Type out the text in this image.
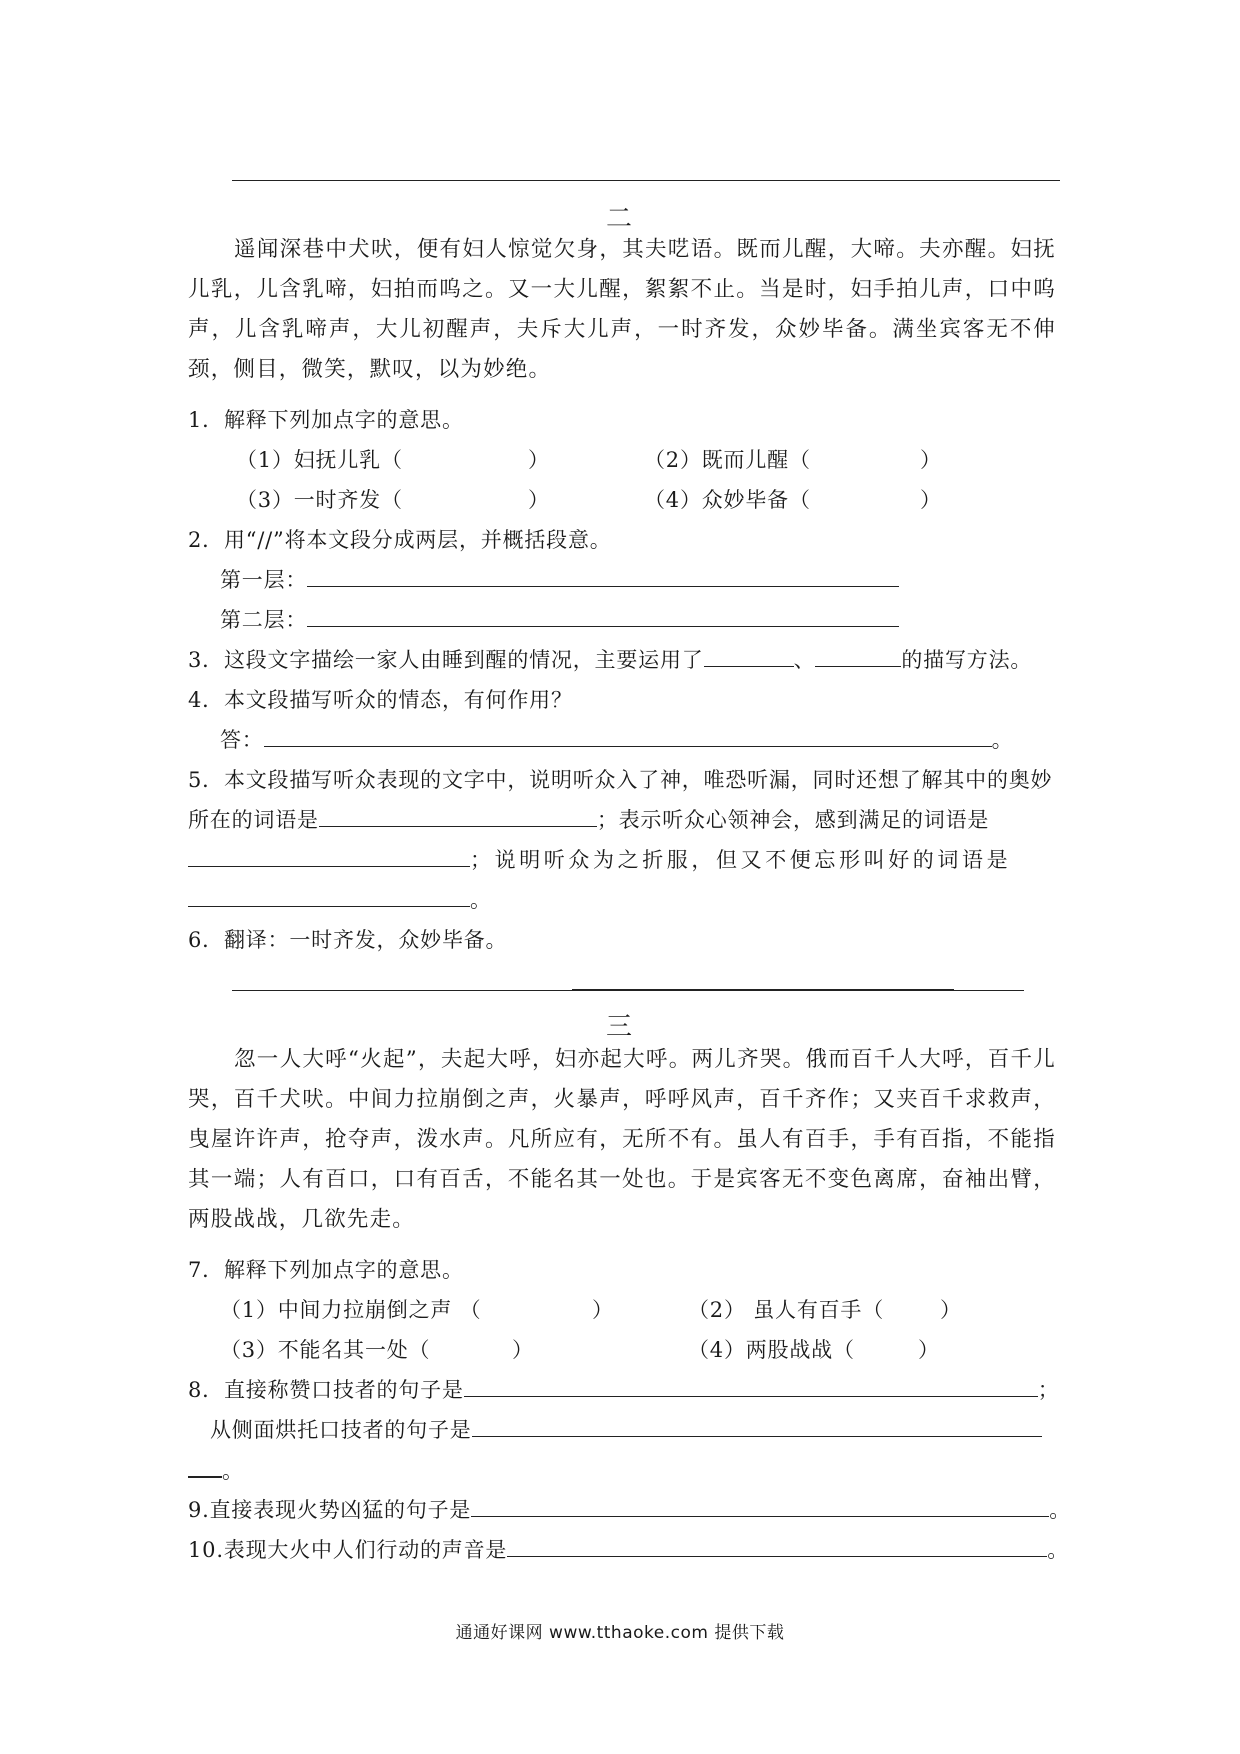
二
遥闻深巷中犬吠，便有妇人惊觉欠身，其夫呓语。既而儿醒，大啼。夫亦醒。妇抚儿乳，儿含乳啼，妇拍而呜之。又一大儿醒，絮絮不止。当是时，妇手拍儿声，口中呜声，儿含乳啼声，大儿初醒声，夫斥大儿声，一时齐发，众妙毕备。满坐宾客无不伸颈，侧目，微笑，默叹，以为妙绝。
1．解释下列加点字的意思。
（1）妇抚儿乳（	）	（2）既而儿醒（	）
（3）一时齐发（	）	（4）众妙毕备（	）
2．用“//”将本文段分成两层，并概括段意。
第一层：
第二层：
3．这段文字描绘一家人由睡到醒的情况，主要运用了	、	的描写方法。
4．本文段描写听众的情态，有何作用？
答：	。
5．本文段描写听众表现的文字中，说明听众入了神，唯恐听漏，同时还想了解其中的奥妙
所在的词语是	；表示听众心领神会，感到满足的词语是
；说明听众为之折服，但又不便忘形叫好的词语是
。
6．翻译：一时齐发，众妙毕备。
三
忽一人大呼“火起”，夫起大呼，妇亦起大呼。两儿齐哭。俄而百千人大呼，百千儿哭，百千犬吠。中间力拉崩倒之声，火暴声，呼呼风声，百千齐作；又夹百千求救声，曳屋许许声，抢夺声，泼水声。凡所应有，无所不有。虽人有百手，手有百指，不能指其一端；人有百口，口有百舌，不能名其一处也。于是宾客无不变色离席，奋袖出臂，两股战战，几欲先走。
7．解释下列加点字的意思。
（1）中间力拉崩倒之声 （	）	（2） 虽人有百手（	）
（3）不能名其一处（	）	（4）两股战战（	）
8．直接称赞口技者的句子是	；
从侧面烘托口技者的句子是
。
9.直接表现火势凶猛的句子是	。
10.表现大火中人们行动的声音是	。
通通好课网 www.tthaoke.com 提供下载
